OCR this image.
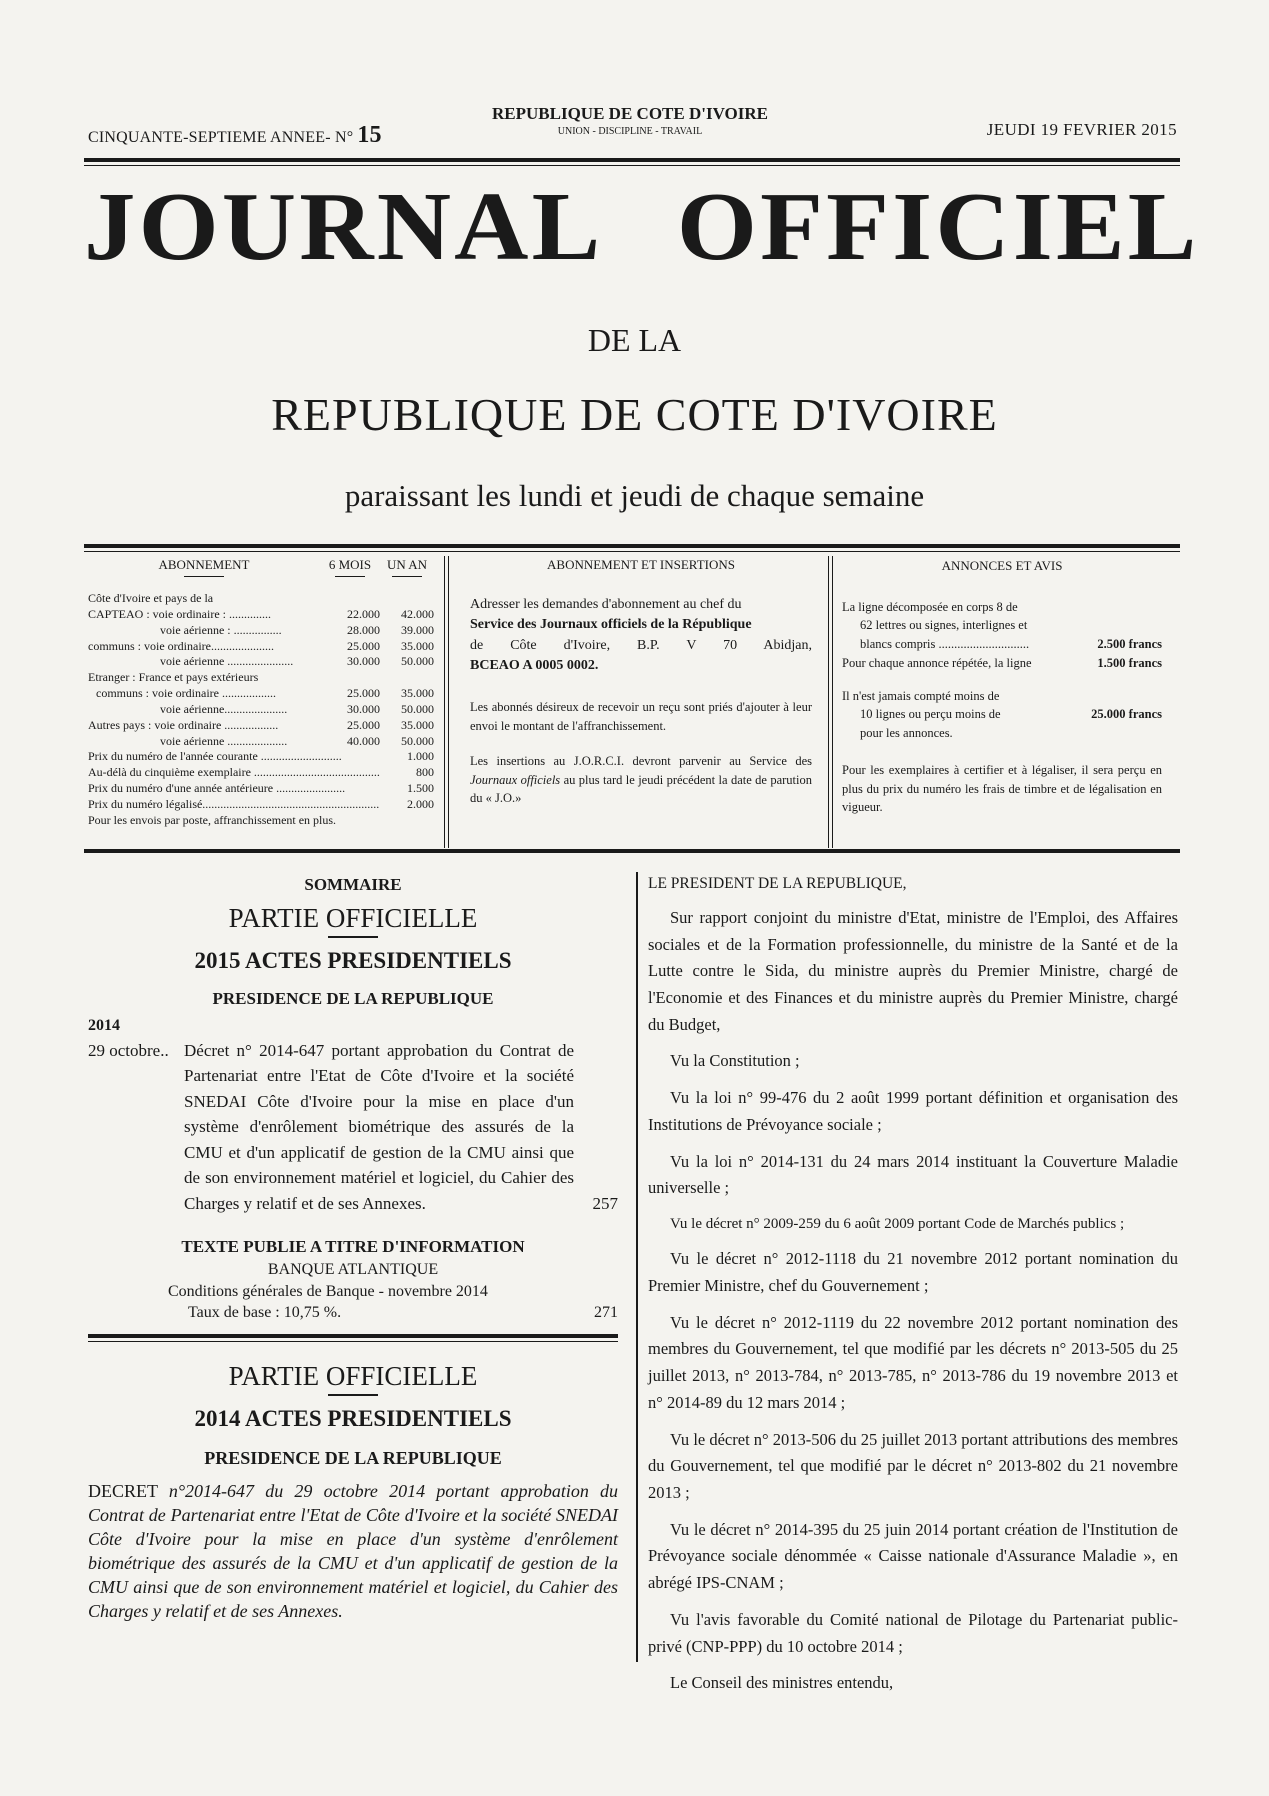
CINQUANTE-SEPTIEME ANNEE- N° 15
REPUBLIQUE DE COTE D'IVOIRE
UNION - DISCIPLINE - TRAVAIL	JEUDI 19 FEVRIER 2015
JOURNAL OFFICIEL
DE LA
REPUBLIQUE DE COTE D'IVOIRE
paraissant les lundi et jeudi de chaque semaine
ABONNEMENT	6 MOIS	UN AN
Côte d'Ivoire et pays de la		
CAPTEAO : voie ordinaire : ..............	22.000	42.000
voie aérienne : ................	28.000	39.000
communs : voie ordinaire.....................	25.000	35.000
voie aérienne ......................	30.000	50.000
Etranger : France et pays extérieurs		
communs : voie ordinaire ..................	25.000	35.000
voie aérienne.....................	30.000	50.000
Autres pays : voie ordinaire ..................	25.000	35.000
voie aérienne ....................	40.000	50.000
Prix du numéro de l'année courante ...........................	1.000
Au-délà du cinquième exemplaire ..........................................	800
Prix du numéro d'une année antérieure .......................	1.500
Prix du numéro légalisé...........................................................	2.000
Pour les envois par poste, affranchissement en plus.
ABONNEMENT ET INSERTIONS
Adresser les demandes d'abonnement au chef du
Service des Journaux officiels de la République
de Côte d'Ivoire, B.P. V 70 Abidjan,
BCEAO A 0005 0002.
Les abonnés désireux de recevoir un reçu sont priés d'ajouter à leur envoi le montant de l'affranchissement.
Les insertions au J.O.R.C.I. devront parvenir au Service des Journaux officiels au plus tard le jeudi précédent la date de parution du « J.O.»
ANNONCES ET AVIS
La ligne décomposée en corps 8 de
62 lettres ou signes, interlignes et
blancs compris .............................	2.500 francs
Pour chaque annonce répétée, la ligne	1.500 francs
Il n'est jamais compté moins de
10 lignes ou perçu moins de	25.000 francs
pour les annonces.
Pour les exemplaires à certifier et à légaliser, il sera perçu en plus du prix du numéro les frais de timbre et de légalisation en vigueur.
SOMMAIRE
PARTIE OFFICIELLE
2015 ACTES PRESIDENTIELS
PRESIDENCE DE LA REPUBLIQUE
2014
29 octobre.. Décret n° 2014-647 portant approbation du Contrat de Partenariat entre l'Etat de Côte d'Ivoire et la société SNEDAI Côte d'Ivoire pour la mise en place d'un système d'enrôlement biométrique des assurés de la CMU et d'un applicatif de gestion de la CMU ainsi que de son environnement matériel et logiciel, du Cahier des Charges y relatif et de ses Annexes.	257
TEXTE PUBLIE A TITRE D'INFORMATION
BANQUE ATLANTIQUE
Conditions générales de Banque - novembre 2014
Taux de base : 10,75 %.	271
PARTIE OFFICIELLE
2014 ACTES PRESIDENTIELS
PRESIDENCE DE LA REPUBLIQUE
DECRET n°2014-647 du 29 octobre 2014 portant approbation du Contrat de Partenariat entre l'Etat de Côte d'Ivoire et la société SNEDAI Côte d'Ivoire pour la mise en place d'un système d'enrôlement biométrique des assurés de la CMU et d'un applicatif de gestion de la CMU ainsi que de son environnement matériel et logiciel, du Cahier des Charges y relatif et de ses Annexes.
LE PRESIDENT DE LA REPUBLIQUE,

Sur rapport conjoint du ministre d'Etat, ministre de l'Emploi, des Affaires sociales et de la Formation professionnelle, du ministre de la Santé et de la Lutte contre le Sida, du ministre auprès du Premier Ministre, chargé de l'Economie et des Finances et du ministre auprès du Premier Ministre, chargé du Budget,

Vu la Constitution ;

Vu la loi n° 99-476 du 2 août 1999 portant définition et organisation des Institutions de Prévoyance sociale ;

Vu la loi n° 2014-131 du 24 mars 2014 instituant la Couverture Maladie universelle ;

Vu le décret n° 2009-259 du 6 août 2009 portant Code de Marchés publics ;

Vu le décret n° 2012-1118 du 21 novembre 2012 portant nomination du Premier Ministre, chef du Gouvernement ;

Vu le décret n° 2012-1119 du 22 novembre 2012 portant nomination des membres du Gouvernement, tel que modifié par les décrets n° 2013-505 du 25 juillet 2013, n° 2013-784, n° 2013-785, n° 2013-786 du 19 novembre 2013 et n° 2014-89 du 12 mars 2014 ;

Vu le décret n° 2013-506 du 25 juillet 2013 portant attributions des membres du Gouvernement, tel que modifié par le décret n° 2013-802 du 21 novembre 2013 ;

Vu le décret n° 2014-395 du 25 juin 2014 portant création de l'Institution de Prévoyance sociale dénommée « Caisse nationale d'Assurance Maladie », en abrégé IPS-CNAM ;

Vu l'avis favorable du Comité national de Pilotage du Partenariat public-privé (CNP-PPP) du 10 octobre 2014 ;

Le Conseil des ministres entendu,
